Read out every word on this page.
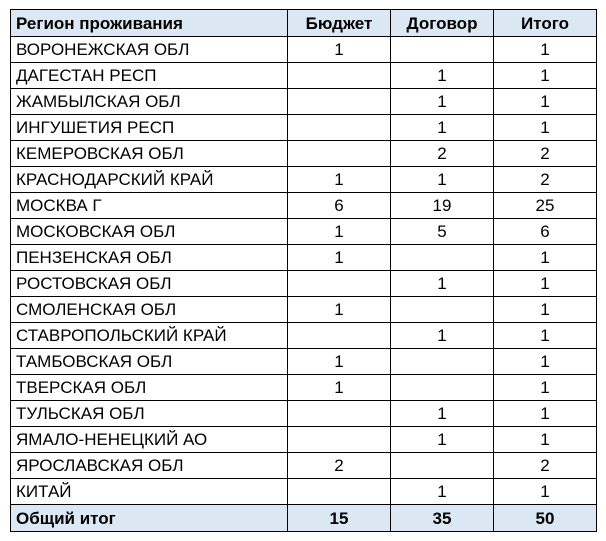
Регион проживания	Бюджет	Договор	Итого
ВОРОНЕЖСКАЯ ОБЛ	1		1
ДАГЕСТАН РЕСП		1	1
ЖАМБЫЛСКАЯ ОБЛ		1	1
ИНГУШЕТИЯ РЕСП		1	1
КЕМЕРОВСКАЯ ОБЛ		2	2
КРАСНОДАРСКИЙ КРАЙ	1	1	2
МОСКВА Г	6	19	25
МОСКОВСКАЯ ОБЛ	1	5	6
ПЕНЗЕНСКАЯ ОБЛ	1		1
РОСТОВСКАЯ ОБЛ		1	1
СМОЛЕНСКАЯ ОБЛ	1		1
СТАВРОПОЛЬСКИЙ КРАЙ		1	1
ТАМБОВСКАЯ ОБЛ	1		1
ТВЕРСКАЯ ОБЛ	1		1
ТУЛЬСКАЯ ОБЛ		1	1
ЯМАЛО-НЕНЕЦКИЙ АО		1	1
ЯРОСЛАВСКАЯ ОБЛ	2		2
КИТАЙ		1	1
Общий итог	15	35	50
